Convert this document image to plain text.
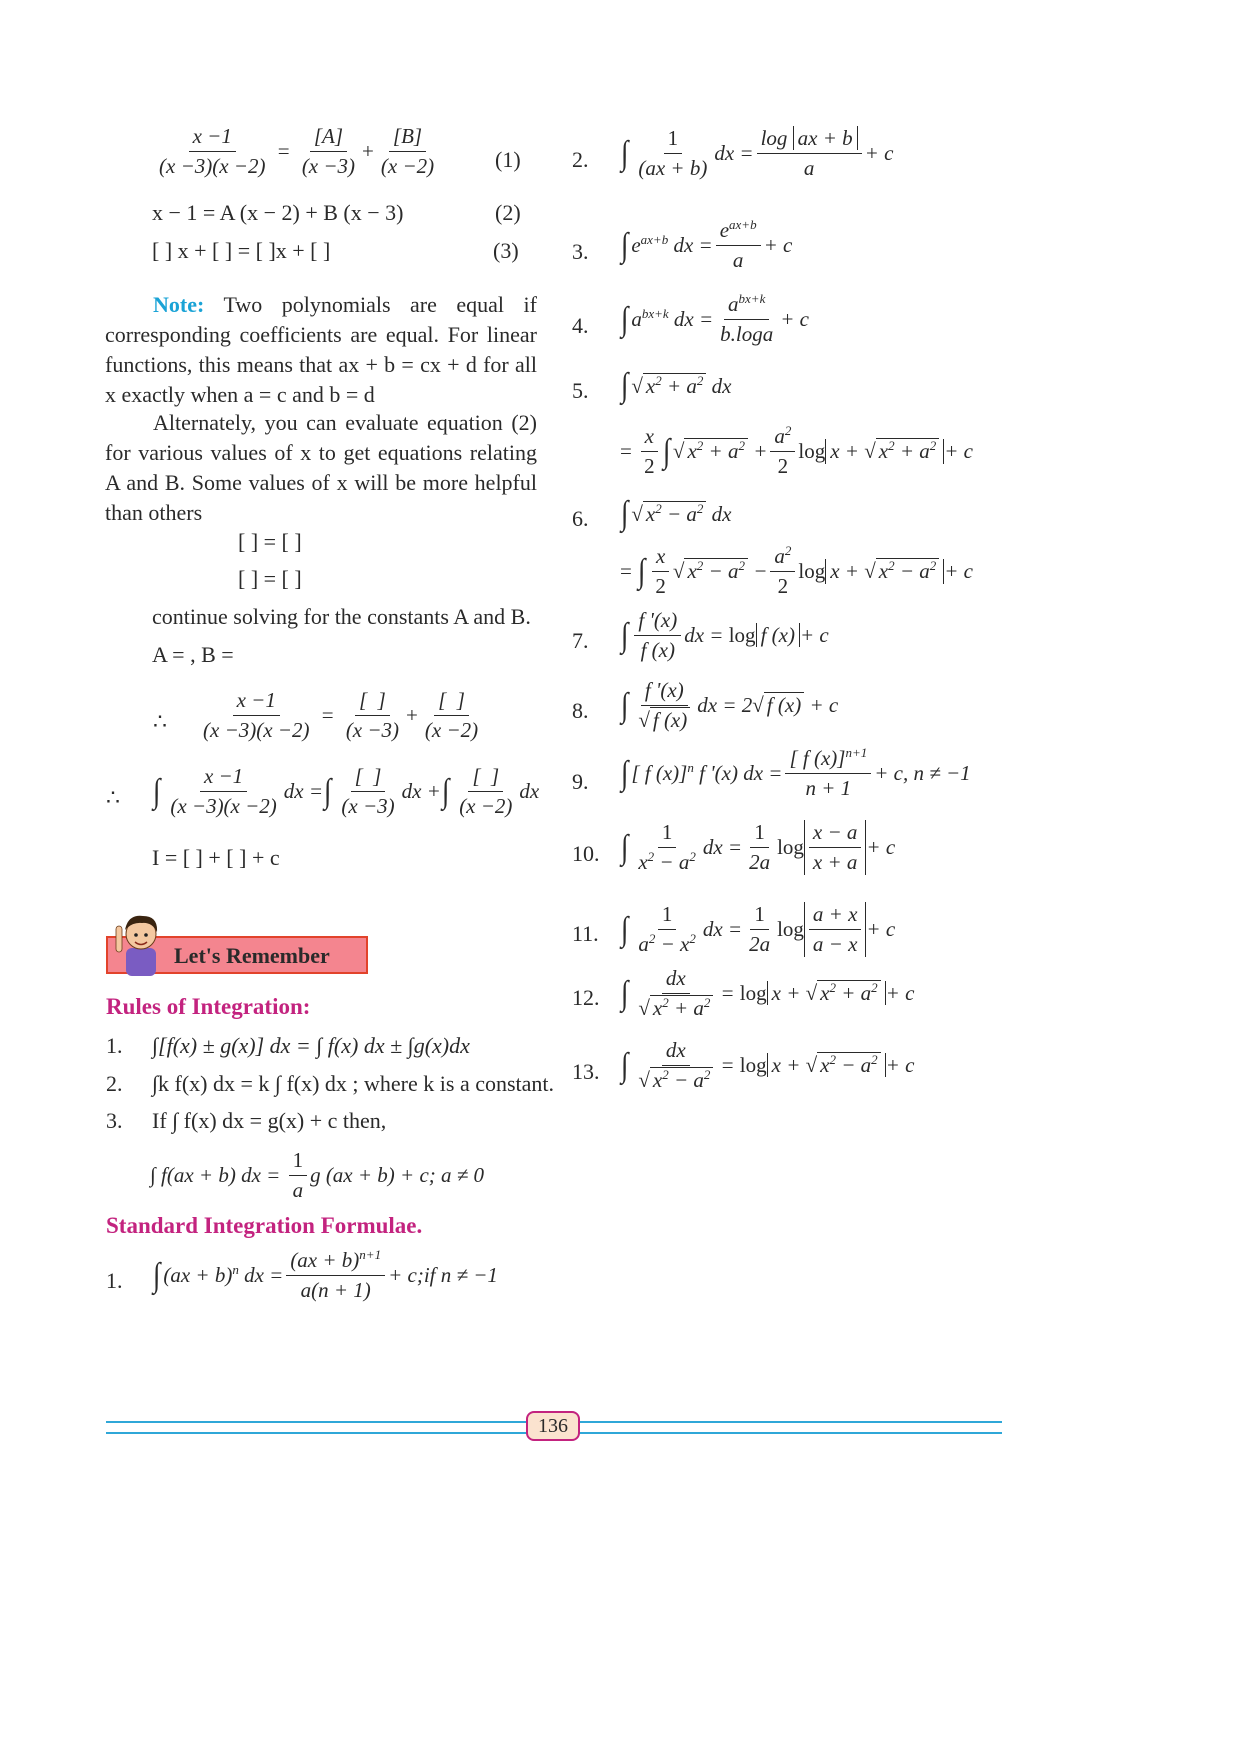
$\frac{x -1}{(x -3)(x -2)} = \frac{[A]}{(x -3)} + \frac{[B]}{(x -2)}$	(1)
x − 1 = A (x − 2) + B (x − 3)	(2)
[ ] x + [ ] = [ ]x + [ ]	(3)
Note: Two polynomials are equal if corresponding coefficients are equal. For linear functions, this means that ax + b = cx + d for all x exactly when a = c and b = d
Alternately, you can evaluate equation (2) for various values of x to get equations relating A and B. Some values of x will be more helpful than others
[ ] = [ ]
[ ] = [ ]
continue solving for the constants A and B.
A = , B =
∴ $\frac{x -1}{(x -3)(x -2)} = \frac{[ ]}{(x -3)} + \frac{[ ]}{(x -2)}$
∴ ∫ $\frac{x -1}{(x -3)(x -2)}$ dx = ∫ $\frac{[ ]}{(x -3)}$ dx + ∫ $\frac{[ ]}{(x -2)}$ dx
I = [ ] + [ ] + c
Let's Remember
Rules of Integration:
1. ∫[f(x) ± g(x)] dx = ∫ f(x) dx ± ∫g(x)dx
2. ∫k f(x) dx = k ∫ f(x) dx ; where k is a constant.
3. If ∫ f(x) dx = g(x) + c then,
∫ f(ax + b) dx = $\frac{1}{a}$ g (ax + b) + c; a ≠ 0
Standard Integration Formulae.
1. ∫ (ax + b)$^n$ dx = $\frac{(ax + b)^{n+1}}{a(n + 1)}$ + c;if n ≠ −1
2. ∫ $\frac{1}{(ax + b)}$ dx = $\frac{\text{log ax + b}}{a} + c$
3. ∫ $e^{ax+b}$ dx = $\frac{e^{ax+b}}{a} + c$
4. ∫ $a^{bx+k}$ dx = $\frac{a^{bx+k}}{b.\log a} + c$
5. ∫ √ $x^2 + a^2$ dx
= $\frac{x}{2}$ ∫ √ $x^2 + a^2 + \frac{a^2}{2}$ log x + √ $x^2 + a^2 + c$
6. ∫ √ $x^2 - a^2$ dx
= ∫ $\frac{x}{2}$ √ $x^2 - a^2 - \frac{a^2}{2}$ log x + √ $x^2 - a^2 + c$
7. ∫ $\frac{f '(x)}{f (x)}$ dx = log f (x) + c
8. ∫ $\frac{f '(x)}{√ f (x)}$ dx = 2√ f (x) + c
9. ∫ [ f (x)]$^n$ f '(x) dx = $\frac{[ f (x)]^{n+1}}{n + 1} + c$, n ≠ −1
10. ∫ $\frac{1}{x^2 - a^2}$ dx = $\frac{1}{2a}$ $\log \frac{x - a}{x + a} + c$
11. ∫ $\frac{1}{a^2 - x^2}$ dx = $\frac{1}{2a}$ $\log \frac{a + x}{a - x} + c$
12. ∫ $\frac{dx}{√ x^2 + a^2} = \log x$ + √ $x^2 + a^2 + c$
13. ∫ $\frac{dx}{√ x^2 - a^2} = \log x$ + √ $x^2 - a^2 + c$
136
